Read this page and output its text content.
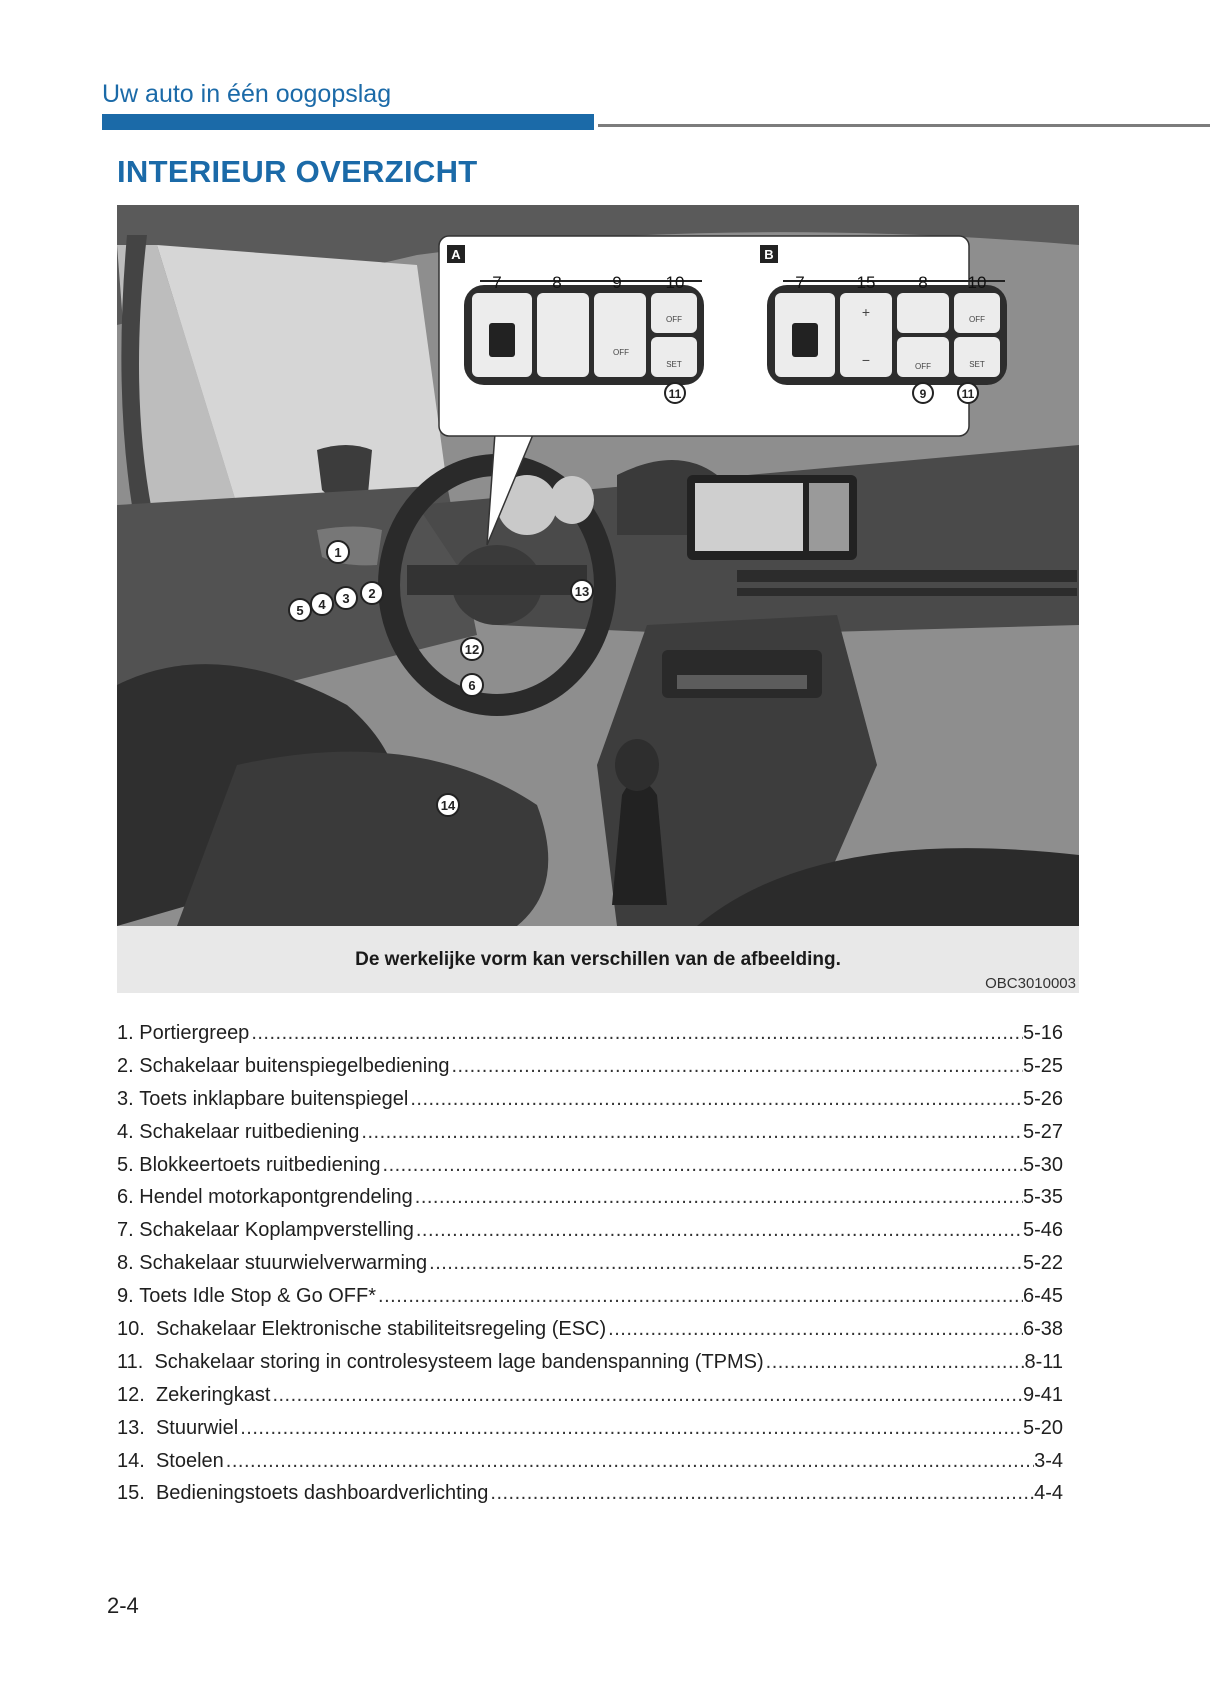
Uw auto in één oogopslag
INTERIEUR OVERZICHT
A
OFF
OFF
SET
7	8	9	10
11
B
+
−	OFF
OFF
SET
7	15	8 10
9	11
1
2
3
4
5
6
12
13
14
De werkelijke vorm kan verschillen van de afbeelding.
OBC3010003
1.
Portiergreep .....	5-16
2.
Schakelaar buitenspiegelbediening .....	5-25
3.
Toets inklapbare buitenspiegel .....	5-26
4.
Schakelaar ruitbediening .....	5-27
5.
Blokkeertoets ruitbediening .....	5-30
6.
Hendel motorkapontgrendeling .....	5-35
7.
Schakelaar Koplampverstelling .....	5-46
8.
Schakelaar stuurwielverwarming .....	5-22
9.
Toets Idle Stop & Go OFF* .....	6-45
10.
Schakelaar Elektronische stabiliteitsregeling (ESC) .....	6-38
11.
Schakelaar storing in controlesysteem lage bandenspanning (TPMS) .....	8-11
12.
Zekeringkast .....	9-41
13.
Stuurwiel .....	5-20
14.
Stoelen .....	3-4
15.
Bedieningstoets dashboardverlichting .....	4-4
2-4
